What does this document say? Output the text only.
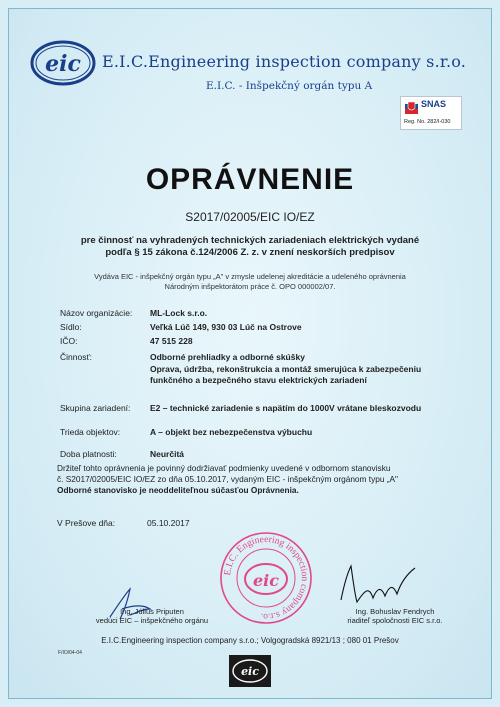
eic E.I.C.Engineering inspection company s.r.o.
E.I.C. - Inšpekčný orgán typu A
SNAS
Reg. No. 282/I-030
OPRÁVNENIE
S2017/02005/EIC IO/EZ
pre činnosť na vyhradených technických zariadeniach elektrických vydané
podľa § 15 zákona č.124/2006 Z. z. v znení neskorších predpisov
Vydáva EIC - inšpekčný orgán typu „A" v zmysle udelenej akreditácie a udeleného oprávnenia
Národným inšpektorátom práce č. OPO 000002/07.
Názov organizácie: ML-Lock s.r.o.
Sídlo:	Veľká Lúč 149, 930 03 Lúč na Ostrove
IČO:	47 515 228
Činnosť:	Odborné prehliadky a odborné skúšky
Oprava, údržba, rekonštrukcia a montáž smerujúca k zabezpečeniu funkčného a bezpečného stavu elektrických zariadení
Skupina zariadení: E2 – technické zariadenie s napätím do 1000V vrátane bleskozvodu
Trieda objektov:	A – objekt bez nebezpečenstva výbuchu
Doba platnosti:	Neurčitá
Držiteľ tohto oprávnenia je povinný dodržiavať podmienky uvedené v odbornom stanovisku
č. S2017/02005/EIC IO/EZ zo dňa 05.10.2017, vydaným EIC - inšpekčným orgánom typu „A"
Odborné stanovisko je neoddeliteľnou súčasťou Oprávnenia.
V Prešove dňa:	05.10.2017
E.I.C. Engineering inspection company s.r.o.
eic
Ing. Július Priputen
vedúci EIC – inšpekčného orgánu
Ing. Bohuslav Fendrych
riaditeľ spoločnosti EIC s.r.o.
E.I.C.Engineering inspection company s.r.o.; Volgogradská 8921/13 ; 080 01 Prešov
F/IO/04-04
eic
